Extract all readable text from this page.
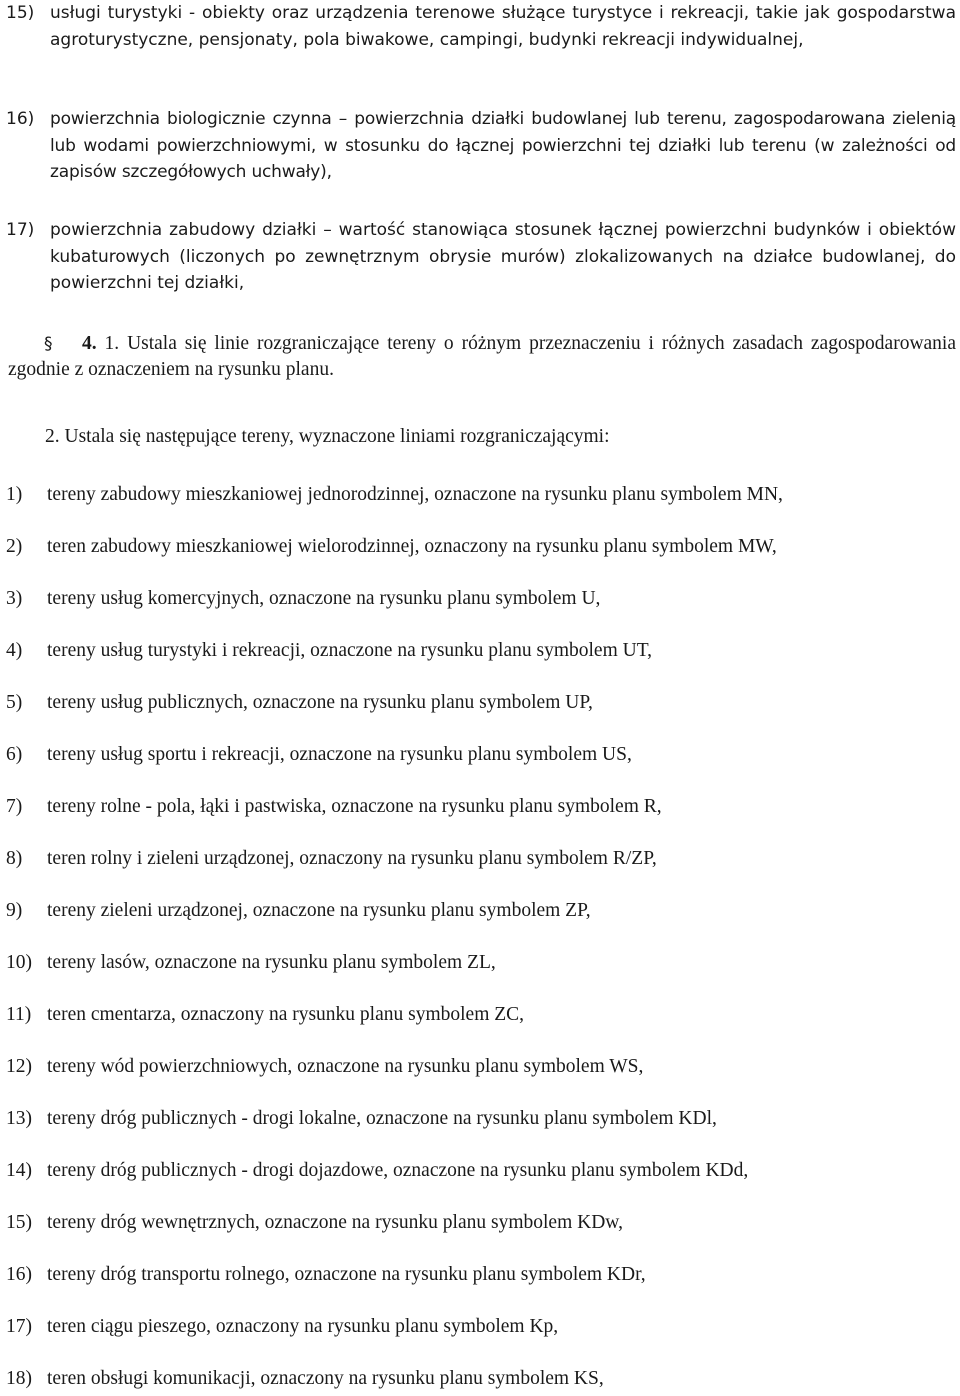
15) usługi turystyki - obiekty oraz urządzenia terenowe służące turystyce i rekreacji, takie jak gospodarstwa agroturystyczne, pensjonaty, pola biwakowe, campingi, budynki rekreacji indywidualnej,
16) powierzchnia biologicznie czynna – powierzchnia działki budowlanej lub terenu, zagospodarowana zielenią lub wodami powierzchniowymi, w stosunku do łącznej powierzchni tej działki lub terenu (w zależności od zapisów szczegółowych uchwały),
17) powierzchnia zabudowy działki – wartość stanowiąca stosunek łącznej powierzchni budynków i obiektów kubaturowych (liczonych po zewnętrznym obrysie murów) zlokalizowanych na działce budowlanej, do powierzchni tej działki,
§ 4. 1. Ustala się linie rozgraniczające tereny o różnym przeznaczeniu i różnych zasadach zagospodarowania zgodnie z oznaczeniem na rysunku planu.
2. Ustala się następujące tereny, wyznaczone liniami rozgraniczającymi:
1) tereny zabudowy mieszkaniowej jednorodzinnej, oznaczone na rysunku planu symbolem MN,
2) teren zabudowy mieszkaniowej wielorodzinnej, oznaczony na rysunku planu symbolem MW,
3) tereny usług komercyjnych, oznaczone na rysunku planu symbolem U,
4) tereny usług turystyki i rekreacji, oznaczone na rysunku planu symbolem UT,
5) tereny usług publicznych, oznaczone na rysunku planu symbolem UP,
6) tereny usług sportu i rekreacji, oznaczone na rysunku planu symbolem US,
7) tereny rolne - pola, łąki i pastwiska, oznaczone na rysunku planu symbolem R,
8) teren rolny i zieleni urządzonej, oznaczony na rysunku planu symbolem R/ZP,
9) tereny zieleni urządzonej, oznaczone na rysunku planu symbolem ZP,
10) tereny lasów, oznaczone na rysunku planu symbolem ZL,
11) teren cmentarza, oznaczony na rysunku planu symbolem ZC,
12) tereny wód powierzchniowych, oznaczone na rysunku planu symbolem WS,
13) tereny dróg publicznych - drogi lokalne, oznaczone na rysunku planu symbolem KDl,
14) tereny dróg publicznych - drogi dojazdowe, oznaczone na rysunku planu symbolem KDd,
15) tereny dróg wewnętrznych, oznaczone na rysunku planu symbolem KDw,
16) tereny dróg transportu rolnego, oznaczone na rysunku planu symbolem KDr,
17) teren ciągu pieszego, oznaczony na rysunku planu symbolem Kp,
18) teren obsługi komunikacji, oznaczony na rysunku planu symbolem KS,
